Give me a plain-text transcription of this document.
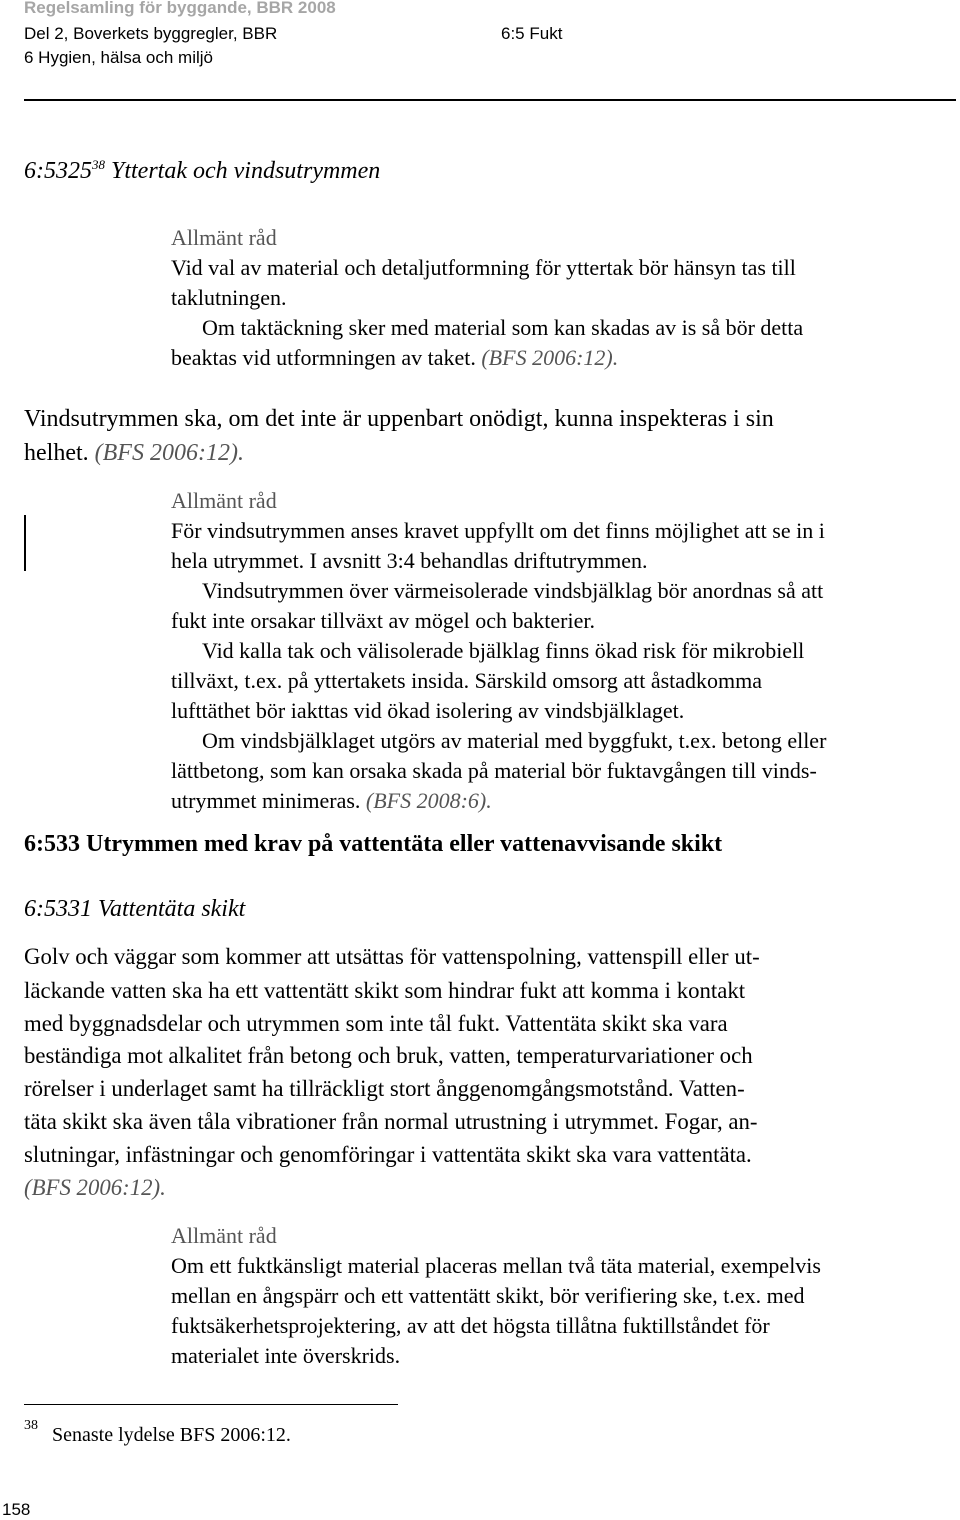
Regelsamling för byggande, BBR 2008
Del 2, Boverkets byggregler, BBR
6 Hygien, hälsa och miljö
6:5 Fukt
6:5325$^{38}$ Yttertak och vindsutrymmen
Allmänt råd
Vid val av material och detaljutformning för yttertak bör hänsyn tas till
taklutningen.
Om taktäckning sker med material som kan skadas av is så bör detta
beaktas vid utformningen av taket. (BFS 2006:12).
Vindsutrymmen ska, om det inte är uppenbart onödigt, kunna inspekteras i sin
helhet. (BFS 2006:12).
Allmänt råd
För vindsutrymmen anses kravet uppfyllt om det finns möjlighet att se in i
hela utrymmet. I avsnitt 3:4 behandlas driftutrymmen.
Vindsutrymmen över värmeisolerade vindsbjälklag bör anordnas så att
fukt inte orsakar tillväxt av mögel och bakterier.
Vid kalla tak och välisolerade bjälklag finns ökad risk för mikrobiell
tillväxt, t.ex. på yttertakets insida. Särskild omsorg att åstadkomma
lufttäthet bör iakttas vid ökad isolering av vindsbjälklaget.
Om vindsbjälklaget utgörs av material med byggfukt, t.ex. betong eller
lättbetong, som kan orsaka skada på material bör fuktavgången till vinds-
utrymmet minimeras. (BFS 2008:6).
6:533 Utrymmen med krav på vattentäta eller vattenavvisande skikt
6:5331 Vattentäta skikt
Golv och väggar som kommer att utsättas för vattenspolning, vattenspill eller ut-
läckande vatten ska ha ett vattentätt skikt som hindrar fukt att komma i kontakt
med byggnadsdelar och utrymmen som inte tål fukt. Vattentäta skikt ska vara
beständiga mot alkalitet från betong och bruk, vatten, temperaturvariationer och
rörelser i underlaget samt ha tillräckligt stort ånggenomgångsmotstånd. Vatten-
täta skikt ska även tåla vibrationer från normal utrustning i utrymmet. Fogar, an-
slutningar, infästningar och genomföringar i vattentäta skikt ska vara vattentäta.
(BFS 2006:12).
Allmänt råd
Om ett fuktkänsligt material placeras mellan två täta material, exempelvis
mellan en ångspärr och ett vattentätt skikt, bör verifiering ske, t.ex. med
fuktsäkerhetsprojektering, av att det högsta tillåtna fuktillståndet för
materialet inte överskrids.
38 Senaste lydelse BFS 2006:12.
158
